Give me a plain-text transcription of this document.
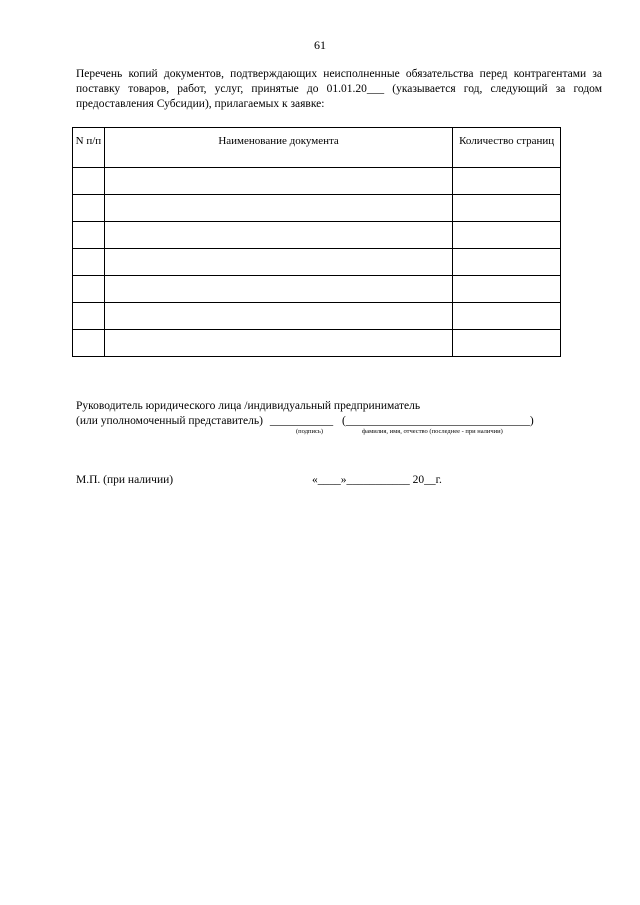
61
Перечень копий документов, подтверждающих неисполненные обязательства перед контрагентами за поставку товаров, работ, услуг, принятые до 01.01.20___ (указывается год, следующий за годом предоставления Субсидии), прилагаемых к заявке:
N п/п	Наименование документа	Количество страниц

Руководитель юридического лица /индивидуальный предприниматель
(или уполномоченный представитель) ___________ (________________________________)
(подпись)	фамилия, имя, отчество (последнее - при наличии)
М.П. (при наличии)	«____»___________ 20__г.
